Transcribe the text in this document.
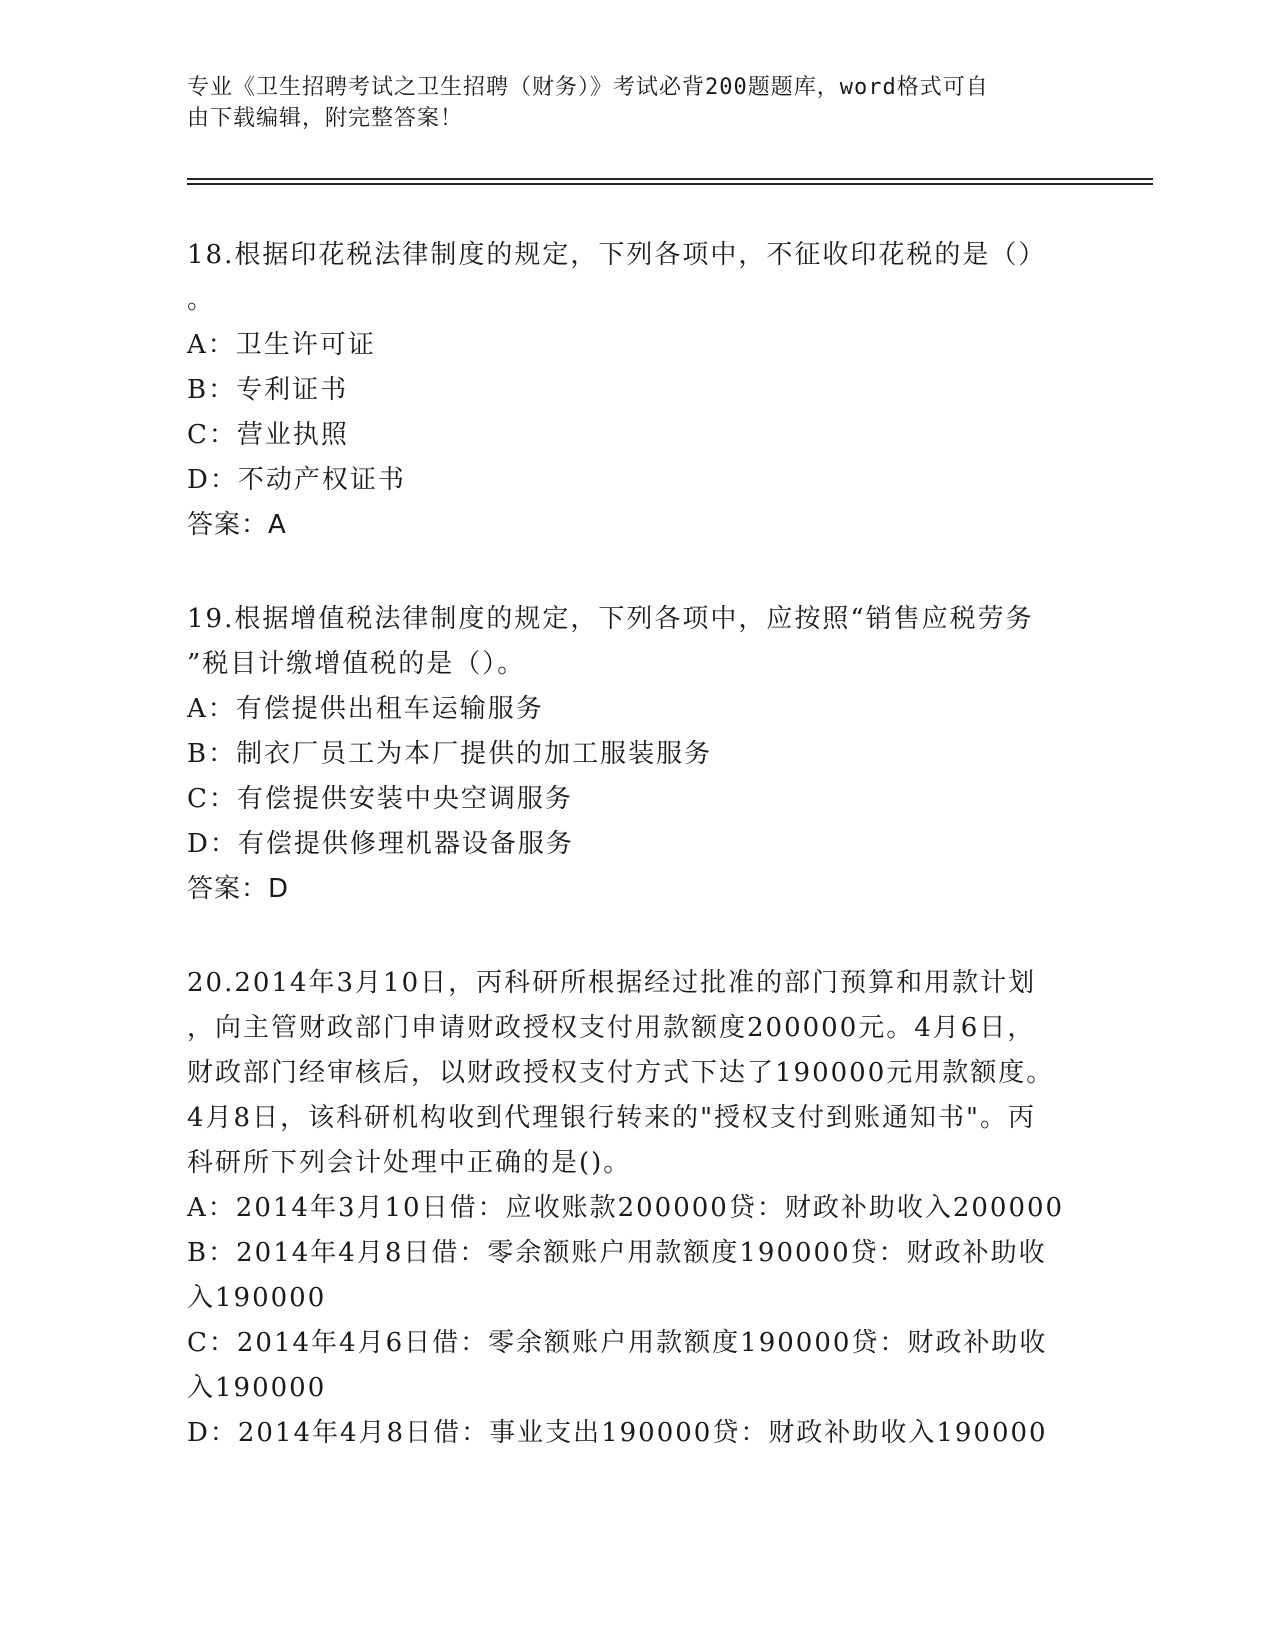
专业《卫生招聘考试之卫生招聘（财务）》考试必背200题题库，word格式可自
由下载编辑，附完整答案！
18.根据印花税法律制度的规定，下列各项中，不征收印花税的是（）
。
A：卫生许可证
B：专利证书
C：营业执照
D：不动产权证书
答案：A
19.根据增值税法律制度的规定，下列各项中，应按照“销售应税劳务
”税目计缴增值税的是（）。
A：有偿提供出租车运输服务
B：制衣厂员工为本厂提供的加工服装服务
C：有偿提供安装中央空调服务
D：有偿提供修理机器设备服务
答案：D
20.2014年3月10日，丙科研所根据经过批准的部门预算和用款计划
，向主管财政部门申请财政授权支付用款额度200000元。4月6日，
财政部门经审核后，以财政授权支付方式下达了190000元用款额度。
4月8日，该科研机构收到代理银行转来的"授权支付到账通知书"。丙
科研所下列会计处理中正确的是()。
A：2014年3月10日借：应收账款200000贷：财政补助收入200000
B：2014年4月8日借：零余额账户用款额度190000贷：财政补助收
入190000
C：2014年4月6日借：零余额账户用款额度190000贷：财政补助收
入190000
D：2014年4月8日借：事业支出190000贷：财政补助收入190000
